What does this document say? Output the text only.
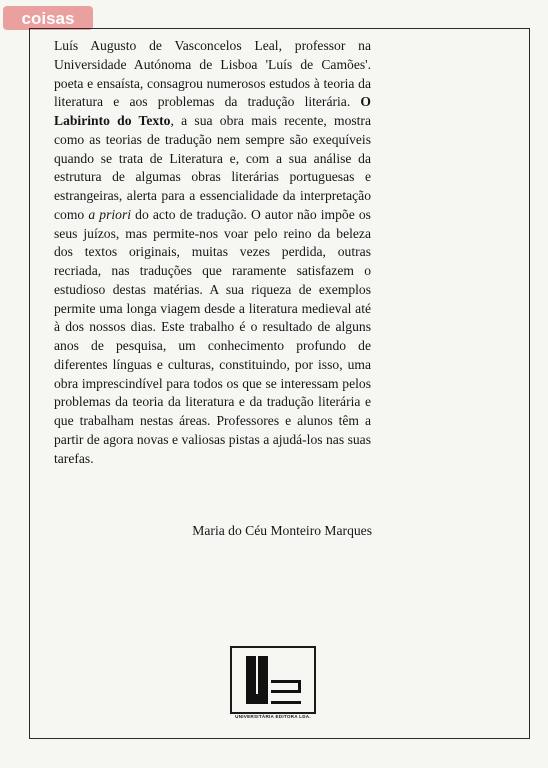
coisas
Luís Augusto de Vasconcelos Leal, professor na Universidade Autónoma de Lisboa 'Luís de Camões'. poeta e ensaísta, consagrou numerosos estudos à teoria da literatura e aos problemas da tradução literária. O Labirinto do Texto, a sua obra mais recente, mostra como as teorias de tradução nem sempre são exequíveis quando se trata de Literatura e, com a sua análise da estrutura de algumas obras literárias portuguesas e estrangeiras, alerta para a essencialidade da interpretação como a priori do acto de tradução. O autor não impõe os seus juízos, mas permite-nos voar pelo reino da beleza dos textos originais, muitas vezes perdida, outras recriada, nas traduções que raramente satisfazem o estudioso destas matérias. A sua riqueza de exemplos permite uma longa viagem desde a literatura medieval até à dos nossos dias. Este trabalho é o resultado de alguns anos de pesquisa, um conhecimento profundo de diferentes línguas e culturas, constituindo, por isso, uma obra imprescindível para todos os que se interessam pelos problemas da teoria da literatura e da tradução literária e que trabalham nestas áreas. Professores e alunos têm a partir de agora novas e valiosas pistas a ajudá-los nas suas tarefas.
Maria do Céu Monteiro Marques
UNIVERSITÁRIA EDITORA LDA.
